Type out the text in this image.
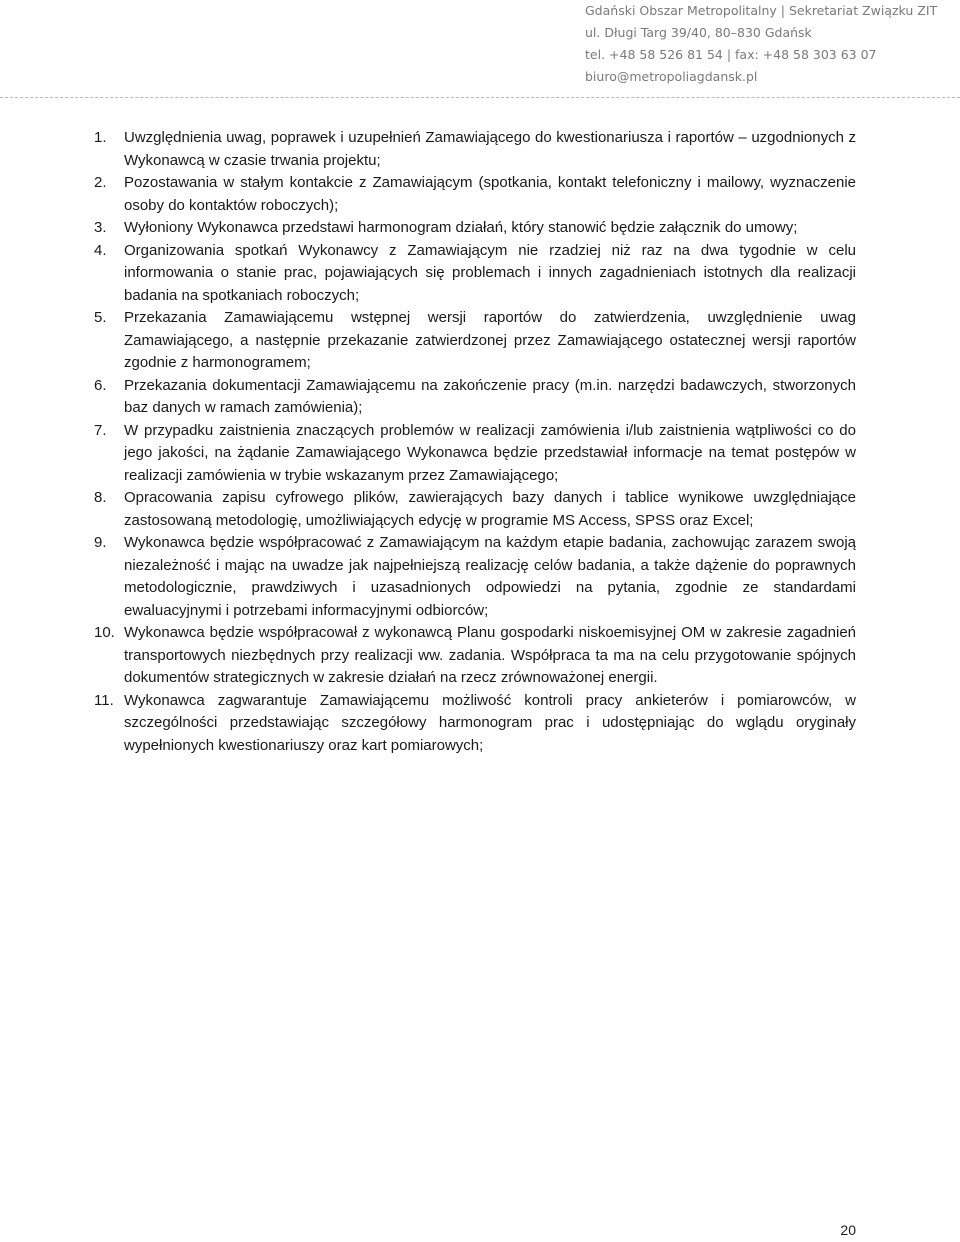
Gdański Obszar Metropolitalny | Sekretariat Związku ZIT
ul. Długi Targ 39/40, 80–830 Gdańsk
tel. +48 58 526 81 54 | fax: +48 58 303 63 07
biuro@metropoliagdansk.pl
1.	Uwzględnienia uwag, poprawek i uzupełnień Zamawiającego do kwestionariusza i raportów – uzgodnionych z Wykonawcą w czasie trwania projektu;
2.	Pozostawania w stałym kontakcie z Zamawiającym (spotkania, kontakt telefoniczny i mailowy, wyznaczenie osoby do kontaktów roboczych);
3.	Wyłoniony Wykonawca przedstawi harmonogram działań, który stanowić będzie załącznik do umowy;
4.	Organizowania spotkań Wykonawcy z Zamawiającym nie rzadziej niż raz na dwa tygodnie w celu informowania o stanie prac, pojawiających się problemach i innych zagadnieniach istotnych dla realizacji badania na spotkaniach roboczych;
5.	Przekazania Zamawiającemu wstępnej wersji raportów do zatwierdzenia, uwzględnienie uwag Zamawiającego, a następnie przekazanie zatwierdzonej przez Zamawiającego ostatecznej wersji raportów zgodnie z harmonogramem;
6.	Przekazania dokumentacji Zamawiającemu na zakończenie pracy (m.in. narzędzi badawczych, stworzonych baz danych w ramach zamówienia);
7.	W przypadku zaistnienia znaczących problemów w realizacji zamówienia i/lub zaistnienia wątpliwości co do jego jakości, na żądanie Zamawiającego Wykonawca będzie przedstawiał informacje na temat postępów w realizacji zamówienia w trybie wskazanym przez Zamawiającego;
8.	Opracowania zapisu cyfrowego plików, zawierających bazy danych i tablice wynikowe uwzględniające zastosowaną metodologię, umożliwiających edycję w programie MS Access, SPSS oraz Excel;
9.	Wykonawca będzie współpracować z Zamawiającym na każdym etapie badania, zachowując zarazem swoją niezależność i mając na uwadze jak najpełniejszą realizację celów badania, a także dążenie do poprawnych metodologicznie, prawdziwych i uzasadnionych odpowiedzi na pytania, zgodnie ze standardami ewaluacyjnymi i potrzebami informacyjnymi odbiorców;
10. Wykonawca będzie współpracował z wykonawcą Planu gospodarki niskoemisyjnej OM w zakresie zagadnień transportowych niezbędnych przy realizacji ww. zadania. Współpraca ta ma na celu przygotowanie spójnych dokumentów strategicznych w zakresie działań na rzecz zrównoważonej energii.
11. Wykonawca zagwarantuje Zamawiającemu możliwość kontroli pracy ankieterów i pomiarowców, w szczególności przedstawiając szczegółowy harmonogram prac i udostępniając do wglądu oryginały wypełnionych kwestionariuszy oraz kart pomiarowych;
20
